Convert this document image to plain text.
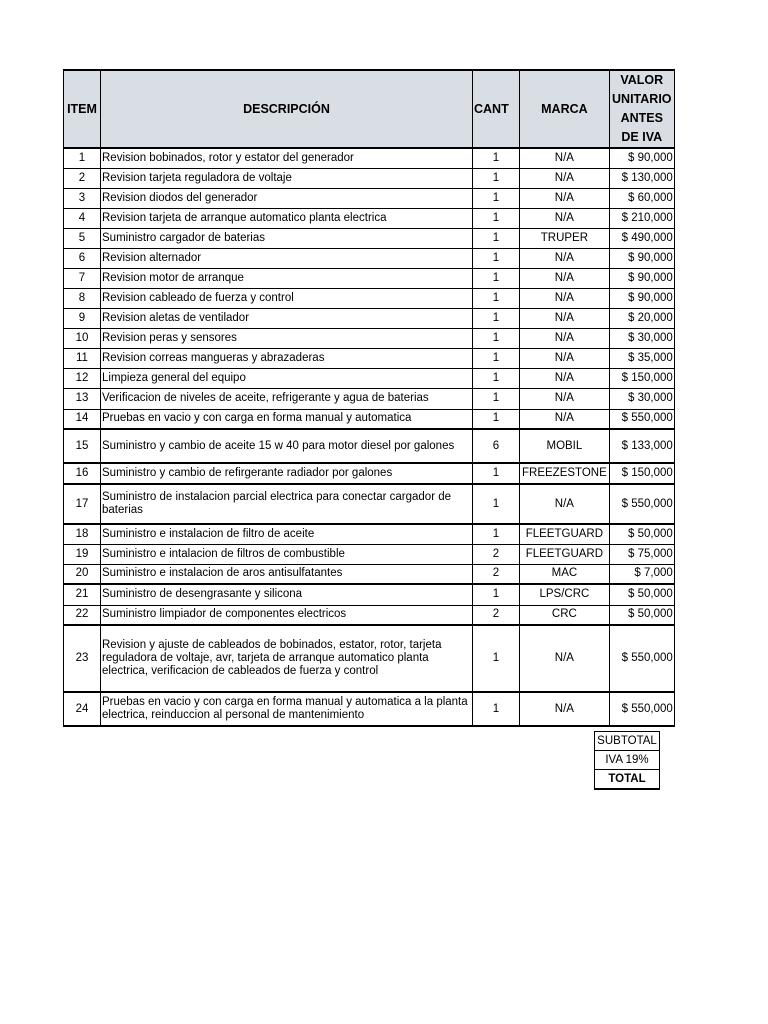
ITEM	DESCRIPCIÓN	CANT	MARCA	VALOR UNITARIO ANTES DE IVA
1	Revision bobinados, rotor y estator del generador	1	N/A	$ 90,000
2	Revision tarjeta reguladora de voltaje	1	N/A	$ 130,000
3	Revision diodos del generador	1	N/A	$ 60,000
4	Revision tarjeta de arranque automatico planta electrica	1	N/A	$ 210,000
5	Suministro cargador de baterias	1	TRUPER	$ 490,000
6	Revision alternador	1	N/A	$ 90,000
7	Revision motor de arranque	1	N/A	$ 90,000
8	Revision cableado de fuerza y control	1	N/A	$ 90,000
9	Revision aletas de ventilador	1	N/A	$ 20,000
10	Revision peras y sensores	1	N/A	$ 30,000
11	Revision correas mangueras y abrazaderas	1	N/A	$ 35,000
12	Limpieza general del equipo	1	N/A	$ 150,000
13	Verificacion de niveles de aceite, refrigerante y agua de baterias	1	N/A	$ 30,000
14	Pruebas en vacio y con carga en forma manual y automatica	1	N/A	$ 550,000
15	Suministro y cambio de aceite 15 w 40 para motor diesel por galones	6	MOBIL	$ 133,000
16	Suministro y cambio de refirgerante radiador por galones	1	FREEZESTONE	$ 150,000
17	Suministro de instalacion parcial electrica para conectar cargador de baterias	1	N/A	$ 550,000
18	Suministro e instalacion de filtro de aceite	1	FLEETGUARD	$ 50,000
19	Suministro e intalacion de filtros de combustible	2	FLEETGUARD	$ 75,000
20	Suministro e instalacion de aros antisulfatantes	2	MAC	$ 7,000
21	Suministro de desengrasante y silicona	1	LPS/CRC	$ 50,000
22	Suministro limpiador de componentes electricos	2	CRC	$ 50,000
23	Revision y ajuste de cableados de bobinados, estator, rotor, tarjeta reguladora de voltaje, avr, tarjeta de arranque automatico planta electrica, verificacion de cableados de fuerza y control	1	N/A	$ 550,000
24	Pruebas en vacio y con carga en forma manual y automatica a la planta electrica, reinduccion al personal de mantenimiento	1	N/A	$ 550,000
SUBTOTAL
IVA 19%
TOTAL
